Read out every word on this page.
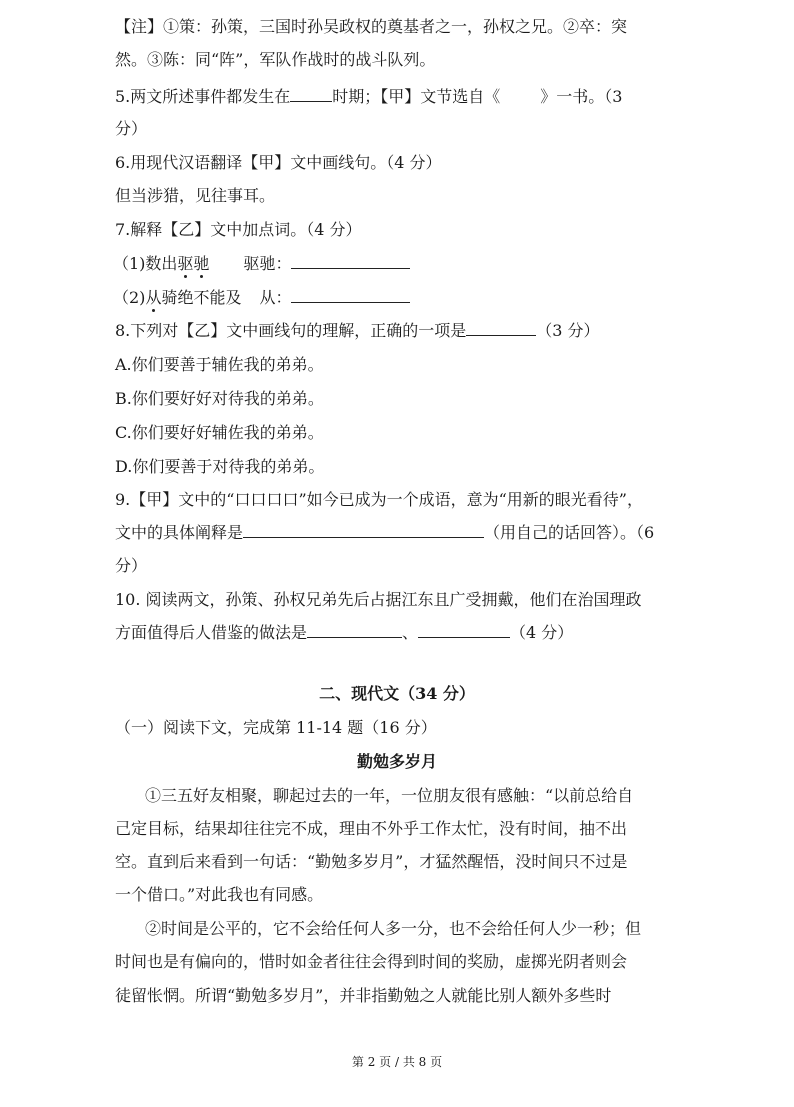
【注】①策：孙策，三国时孙吴政权的奠基者之一，孙权之兄。②卒：突
然。③陈：同“阵”，军队作战时的战斗队列。
5.两文所述事件都发生在	时期；【甲】文节选自《	》一书。（3
分）
6.用现代汉语翻译【甲】文中画线句。（4 分）
但当涉猎，见往事耳。
7.解释【乙】文中加点词。（4 分）
（1)数出驱驰 驱驰：
（2)从骑绝不能及 从：
8.下列对【乙】文中画线句的理解，正确的一项是	（3 分）
A.你们要善于辅佐我的弟弟。
B.你们要好好对待我的弟弟。
C.你们要好好辅佐我的弟弟。
D.你们要善于对待我的弟弟。
9.【甲】文中的“口口口口”如今已成为一个成语，意为“用新的眼光看待”，
文中的具体阐释是	（用自己的话回答）。（6
分）
10. 阅读两文，孙策、孙权兄弟先后占据江东且广受拥戴，他们在治国理政
方面值得后人借鉴的做法是	、	（4 分）
二、现代文（34 分）
（一）阅读下文，完成第 11-14 题（16 分）
勤勉多岁月
①三五好友相聚，聊起过去的一年，一位朋友很有感触：“以前总给自
己定目标，结果却往往完不成，理由不外乎工作太忙，没有时间，抽不出
空。直到后来看到一句话：“勤勉多岁月”，才猛然醒悟，没时间只不过是
一个借口。”对此我也有同感。
②时间是公平的，它不会给任何人多一分，也不会给任何人少一秒；但
时间也是有偏向的，惜时如金者往往会得到时间的奖励，虚掷光阴者则会
徒留怅惘。所谓“勤勉多岁月”，并非指勤勉之人就能比别人额外多些时
第 2 页 / 共 8 页
